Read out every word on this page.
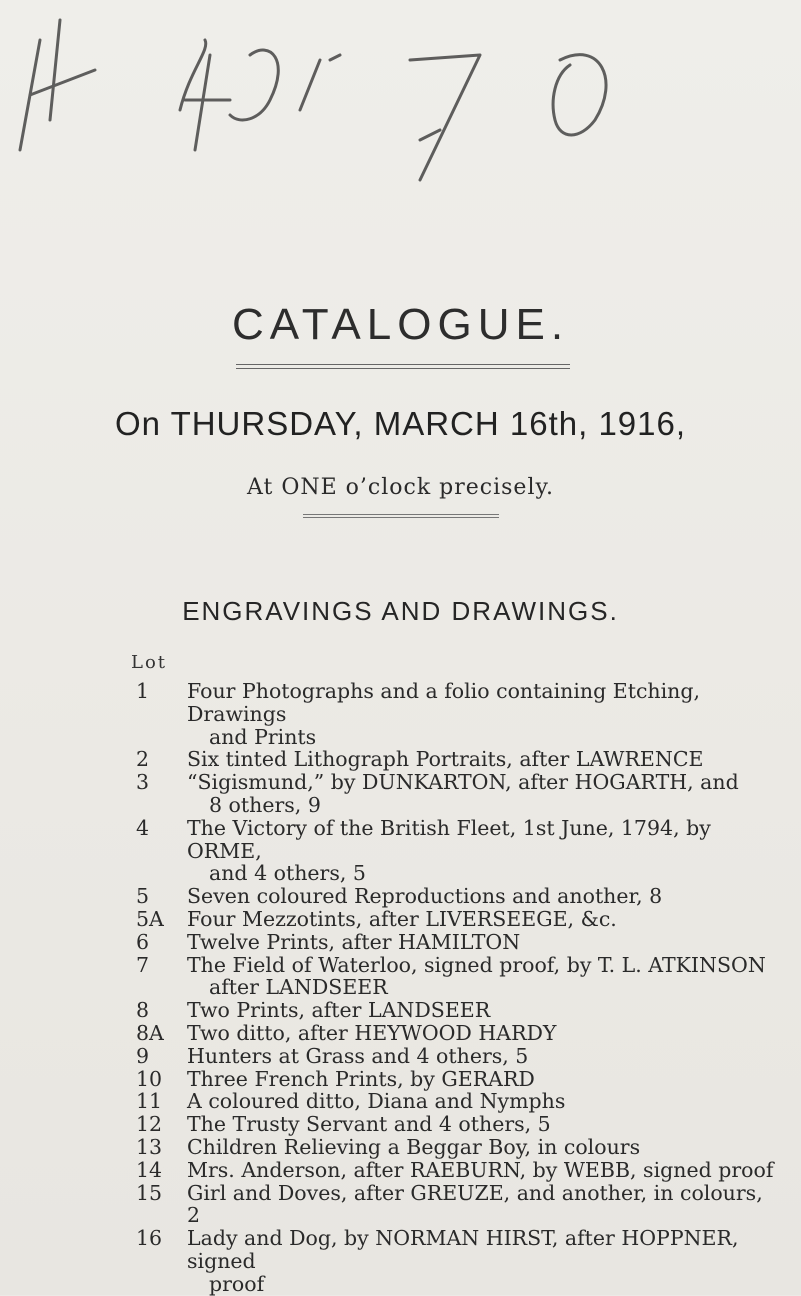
CATALOGUE.
On THURSDAY, MARCH 16th, 1916,
At ONE o’clock precisely.
ENGRAVINGS AND DRAWINGS.
Lot
1	Four Photographs and a folio containing Etching, Drawings
and Prints
2	Six tinted Lithograph Portraits, after LAWRENCE
3	“Sigismund,” by DUNKARTON, after HOGARTH, and
8 others, 9
4	The Victory of the British Fleet, 1st June, 1794, by ORME,
and 4 others, 5
5	Seven coloured Reproductions and another, 8
5A	Four Mezzotints, after LIVERSEEGE, &c.
6	Twelve Prints, after HAMILTON
7	The Field of Waterloo, signed proof, by T. L. ATKINSON
after LANDSEER
8	Two Prints, after LANDSEER
8A	Two ditto, after HEYWOOD HARDY
9	Hunters at Grass and 4 others, 5
10	Three French Prints, by GERARD
11	A coloured ditto, Diana and Nymphs
12	The Trusty Servant and 4 others, 5
13	Children Relieving a Beggar Boy, in colours
14	Mrs. Anderson, after RAEBURN, by WEBB, signed proof
15	Girl and Doves, after GREUZE, and another, in colours, 2
16	Lady and Dog, by NORMAN HIRST, after HOPPNER, signed
proof
